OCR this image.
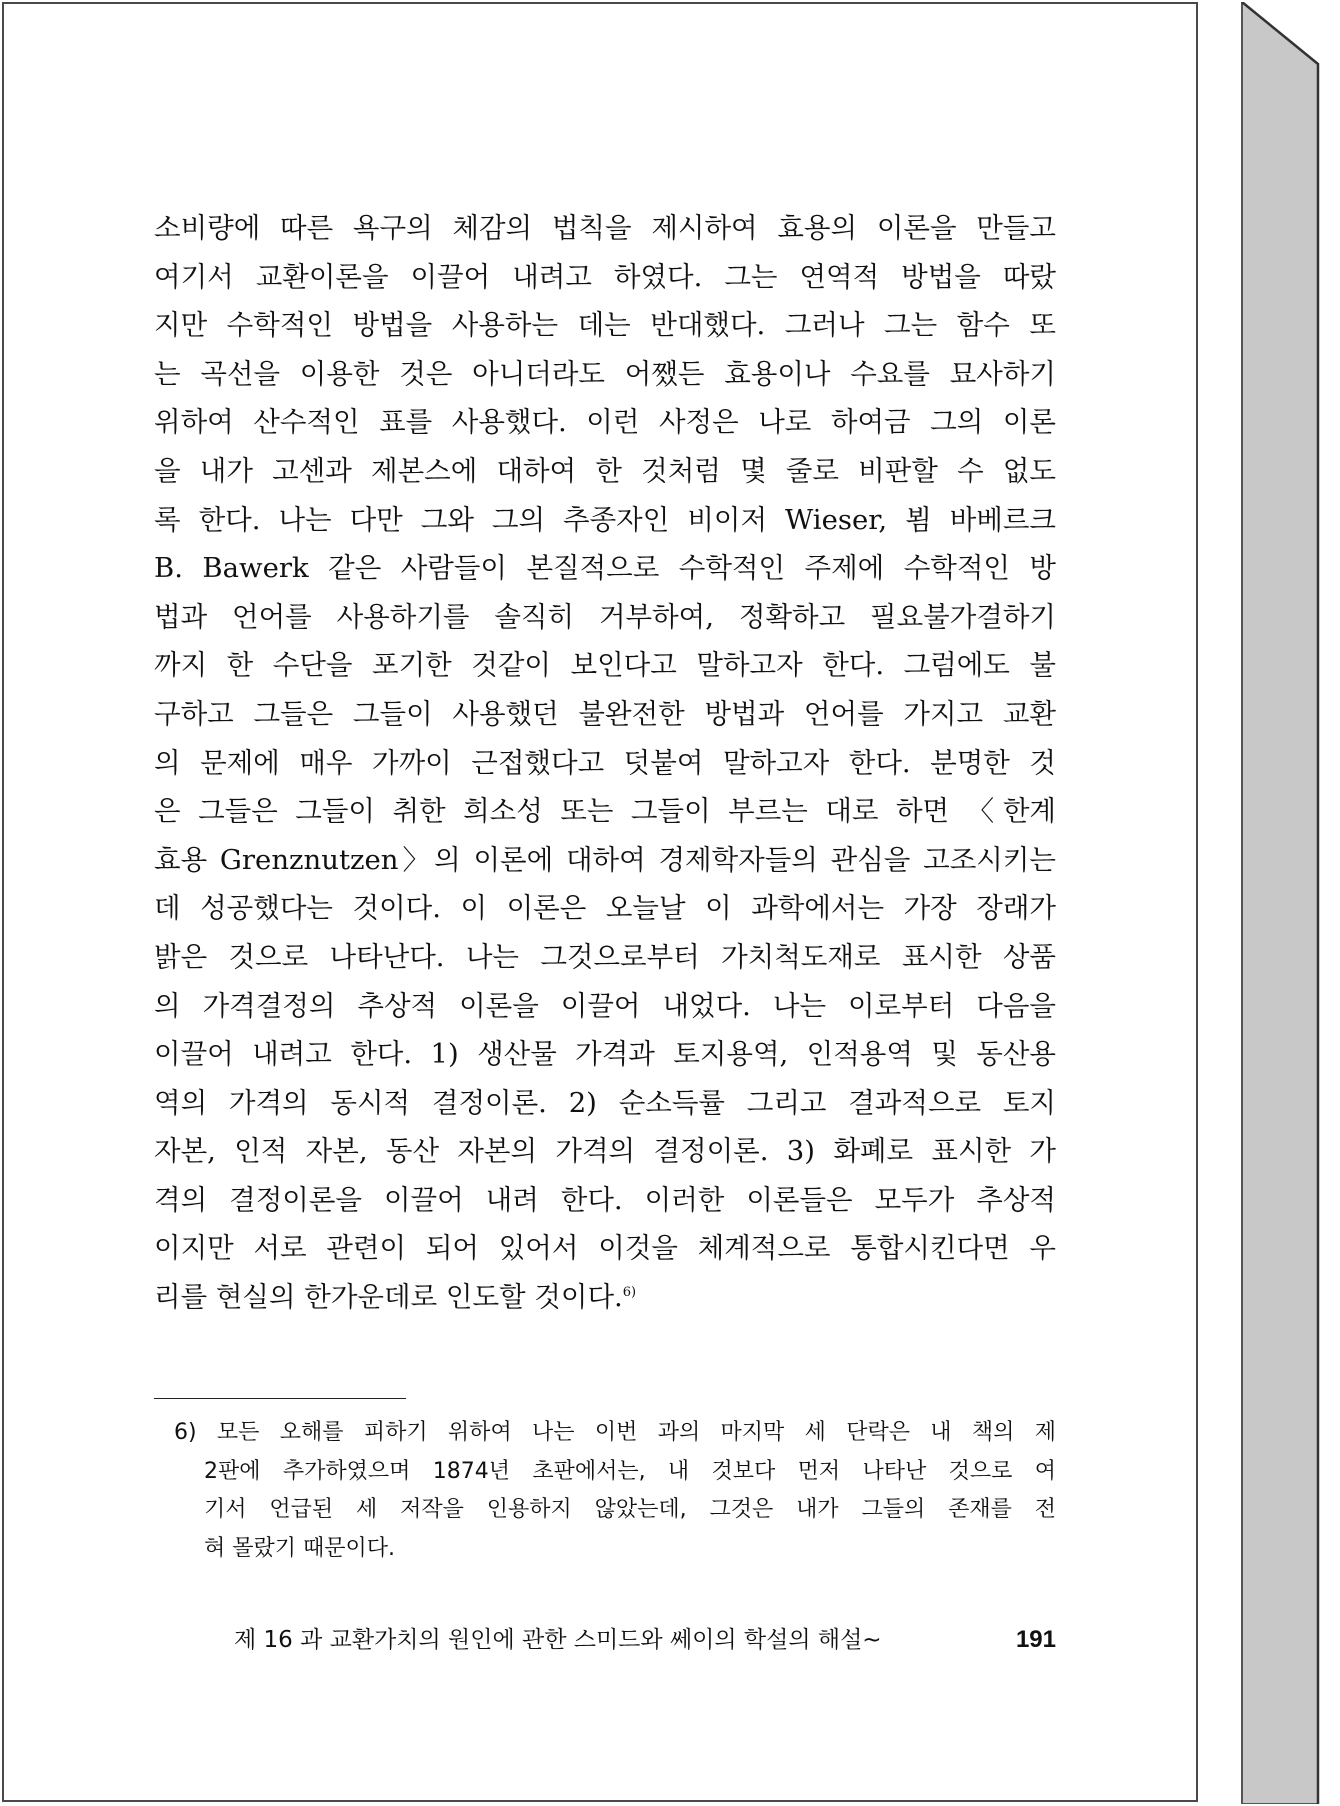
소비량에 따른 욕구의 체감의 법칙을 제시하여 효용의 이론을 만들고
여기서 교환이론을 이끌어 내려고 하였다. 그는 연역적 방법을 따랐
지만 수학적인 방법을 사용하는 데는 반대했다. 그러나 그는 함수 또
는 곡선을 이용한 것은 아니더라도 어쨌든 효용이나 수요를 묘사하기
위하여 산수적인 표를 사용했다. 이런 사정은 나로 하여금 그의 이론
을 내가 고센과 제본스에 대하여 한 것처럼 몇 줄로 비판할 수 없도
록 한다. 나는 다만 그와 그의 추종자인 비이저 Wieser, 뵘 바베르크
B. Bawerk 같은 사람들이 본질적으로 수학적인 주제에 수학적인 방
법과 언어를 사용하기를 솔직히 거부하여, 정확하고 필요불가결하기
까지 한 수단을 포기한 것같이 보인다고 말하고자 한다. 그럼에도 불
구하고 그들은 그들이 사용했던 불완전한 방법과 언어를 가지고 교환
의 문제에 매우 가까이 근접했다고 덧붙여 말하고자 한다. 분명한 것
은 그들은 그들이 취한 희소성 또는 그들이 부르는 대로 하면 〈한계
효용 Grenznutzen〉의 이론에 대하여 경제학자들의 관심을 고조시키는
데 성공했다는 것이다. 이 이론은 오늘날 이 과학에서는 가장 장래가
밝은 것으로 나타난다. 나는 그것으로부터 가치척도재로 표시한 상품
의 가격결정의 추상적 이론을 이끌어 내었다. 나는 이로부터 다음을
이끌어 내려고 한다. 1) 생산물 가격과 토지용역, 인적용역 및 동산용
역의 가격의 동시적 결정이론. 2) 순소득률 그리고 결과적으로 토지
자본, 인적 자본, 동산 자본의 가격의 결정이론. 3) 화폐로 표시한 가
격의 결정이론을 이끌어 내려 한다. 이러한 이론들은 모두가 추상적
이지만 서로 관련이 되어 있어서 이것을 체계적으로 통합시킨다면 우
리를 현실의 한가운데로 인도할 것이다.$^{6)}$
6) 모든 오해를 피하기 위하여 나는 이번 과의 마지막 세 단락은 내 책의 제
2판에 추가하였으며 1874년 초판에서는, 내 것보다 먼저 나타난 것으로 여
기서 언급된 세 저작을 인용하지 않았는데, 그것은 내가 그들의 존재를 전
혀 몰랐기 때문이다.
제 16 과 교환가치의 원인에 관한 스미드와 쎄이의 학설의 해설~	191
